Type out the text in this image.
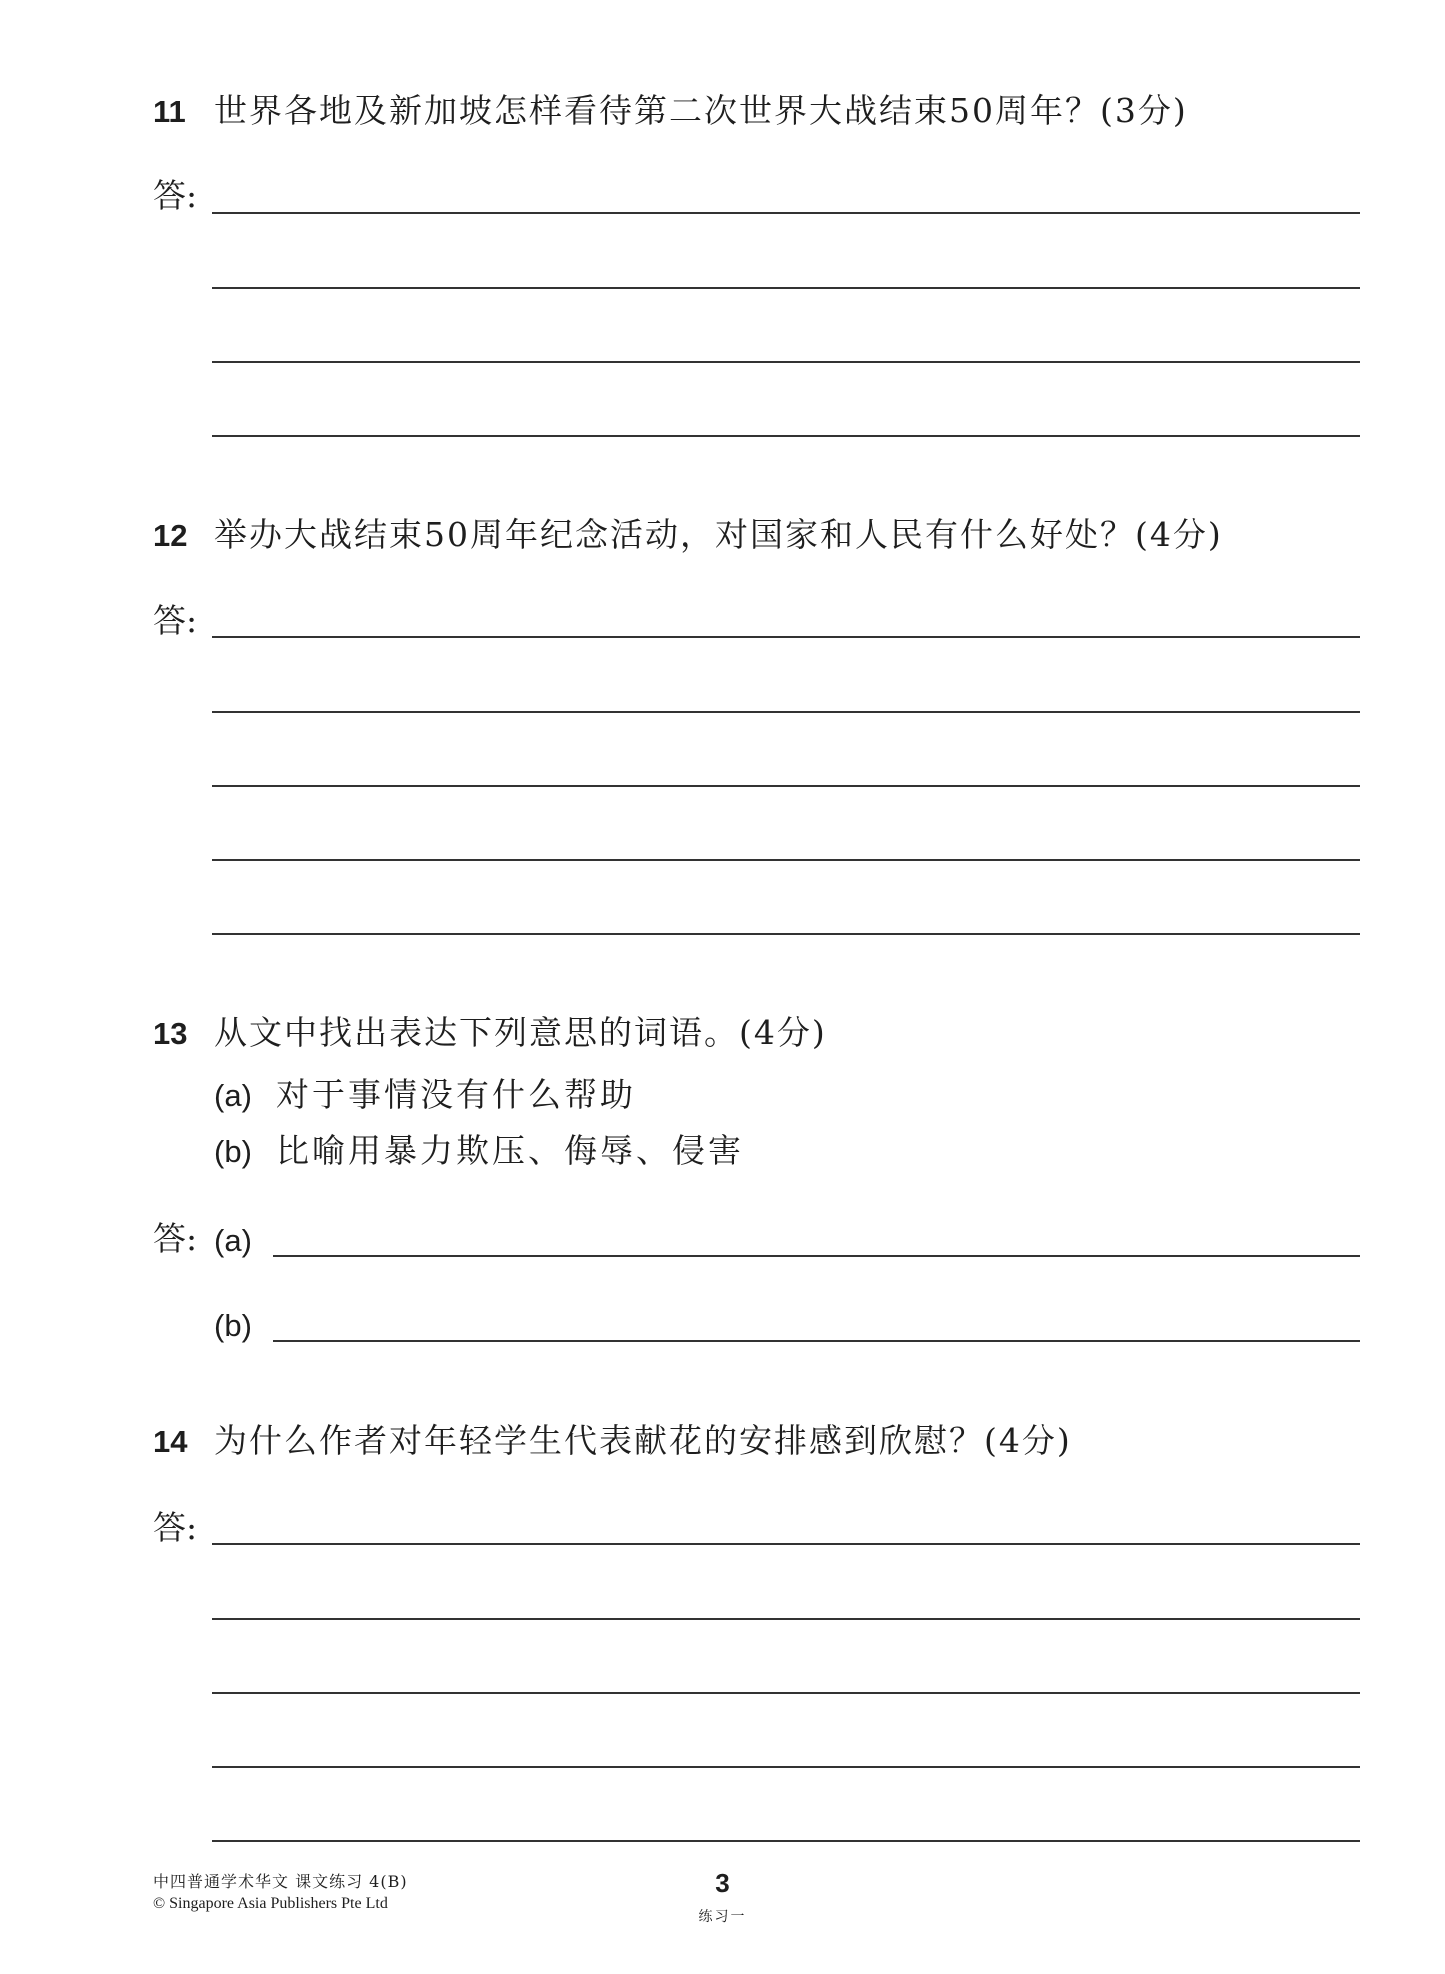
11 世界各地及新加坡怎样看待第二次世界大战结束50周年？(3分)
答:
12 举办大战结束50周年纪念活动，对国家和人民有什么好处？(4分)
答:
13 从文中找出表达下列意思的词语。(4分)
(a) 对于事情没有什么帮助
(b) 比喻用暴力欺压、侮辱、侵害
答: (a)
(b)
14 为什么作者对年轻学生代表献花的安排感到欣慰？(4分)
答:
中四普通学术华文 课文练习 4(B)
© Singapore Asia Publishers Pte Ltd
3
练习一
